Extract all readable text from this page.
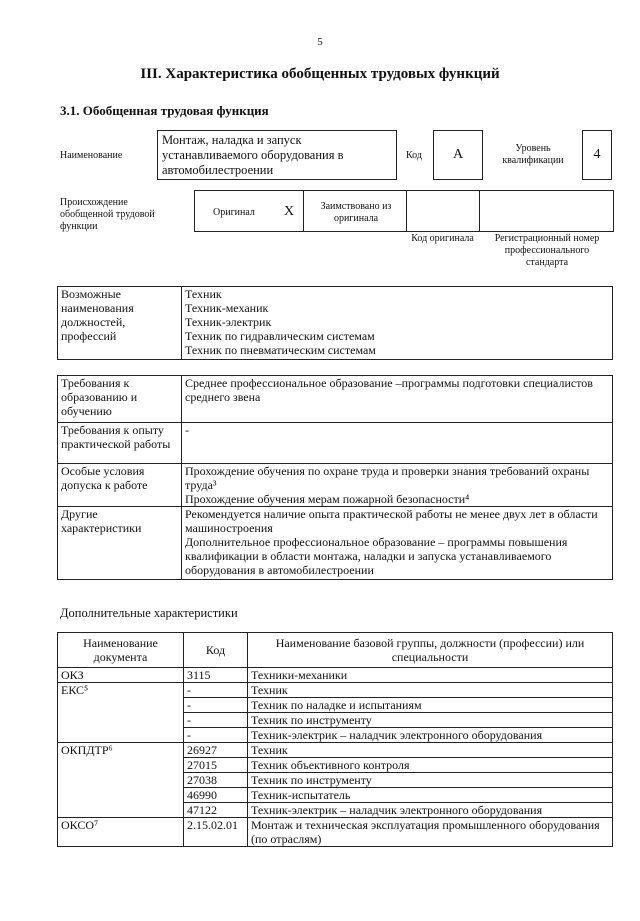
5
III. Характеристика обобщенных трудовых функций
3.1. Обобщенная трудовая функция
Наименование
Монтаж, наладка и запуск устанавливаемого оборудования в автомобилестроении
Код	А	Уровень квалификации	4
Происхождение обобщенной трудовой функции
Оригинал Х	Заимствовано из оригинала
Код оригинала	Регистрационный номер профессионального стандарта
Возможные наименования должностей, профессий	
Техник
Техник-механик
Техник-электрик
Техник по гидравлическим системам
Техник по пневматическим системам
Требования к образованию и обучению	Среднее профессиональное образование –программы подготовки специалистов среднего звена

Требования к опыту практической работы	-

Особые условия допуска к работе	Прохождение обучения по охране труда и проверки знания требований охраны труда³
Прохождение обучения мерам пожарной безопасности⁴

Другие характеристики	Рекомендуется наличие опыта практической работы не менее двух лет в области машиностроения
Дополнительное профессиональное образование – программы повышения квалификации в области монтажа, наладки и запуска устанавливаемого оборудования в автомобилестроении
Дополнительные характеристики
Наименование документа	Код	Наименование базовой группы, должности (профессии) или специальности
ОКЗ	3115	Техники-механики
ЕКС⁵	-	Техник
	-	Техник по наладке и испытаниям
	-	Техник по инструменту
	-	Техник-электрик – наладчик электронного оборудования
ОКПДТР⁶	26927	Техник
	27015	Техник объективного контроля
	27038	Техник по инструменту
	46990	Техник-испытатель
	47122	Техник-электрик – наладчик электронного оборудования
ОКСО⁷	2.15.02.01	Монтаж и техническая эксплуатация промышленного оборудования (по отраслям)
